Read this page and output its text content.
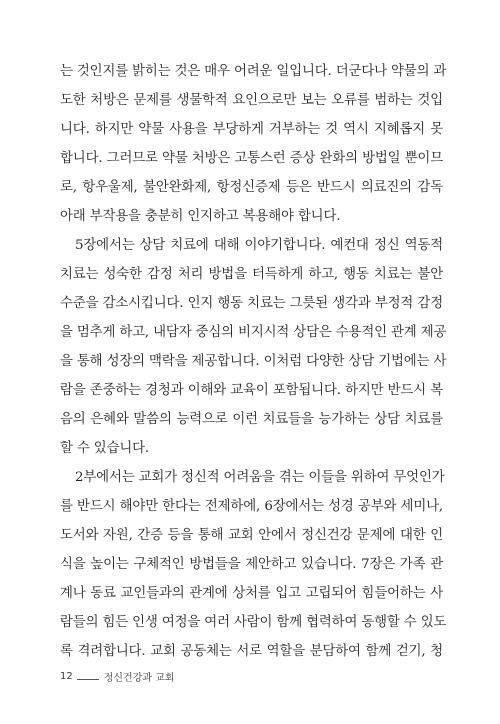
는 것인지를 밝히는 것은 매우 어려운 일입니다. 더군다나 약물의 과
도한 처방은 문제를 생물학적 요인으로만 보는 오류를 범하는 것입
니다. 하지만 약물 사용을 부당하게 거부하는 것 역시 지혜롭지 못
합니다. 그러므로 약물 처방은 고통스런 증상 완화의 방법일 뿐이므
로, 항우울제, 불안완화제, 항정신증제 등은 반드시 의료진의 감독
아래 부작용을 충분히 인지하고 복용해야 합니다.
5장에서는 상담 치료에 대해 이야기합니다. 예컨대 정신 역동적
치료는 성숙한 감정 처리 방법을 터득하게 하고, 행동 치료는 불안
수준을 감소시킵니다. 인지 행동 치료는 그릇된 생각과 부정적 감정
을 멈추게 하고, 내담자 중심의 비지시적 상담은 수용적인 관계 제공
을 통해 성장의 맥락을 제공합니다. 이처럼 다양한 상담 기법에는 사
람을 존중하는 경청과 이해와 교육이 포함됩니다. 하지만 반드시 복
음의 은혜와 말씀의 능력으로 이런 치료들을 능가하는 상담 치료를
할 수 있습니다.
2부에서는 교회가 정신적 어려움을 겪는 이들을 위하여 무엇인가
를 반드시 해야만 한다는 전제하에, 6장에서는 성경 공부와 세미나,
도서와 자원, 간증 등을 통해 교회 안에서 정신건강 문제에 대한 인
식을 높이는 구체적인 방법들을 제안하고 있습니다. 7장은 가족 관
계나 동료 교인들과의 관계에 상처를 입고 고립되어 힘들어하는 사
람들의 힘든 인생 여정을 여러 사람이 함께 협력하여 동행할 수 있도
록 격려합니다. 교회 공동체는 서로 역할을 분담하여 함께 걷기, 청
12	정신건강과 교회
